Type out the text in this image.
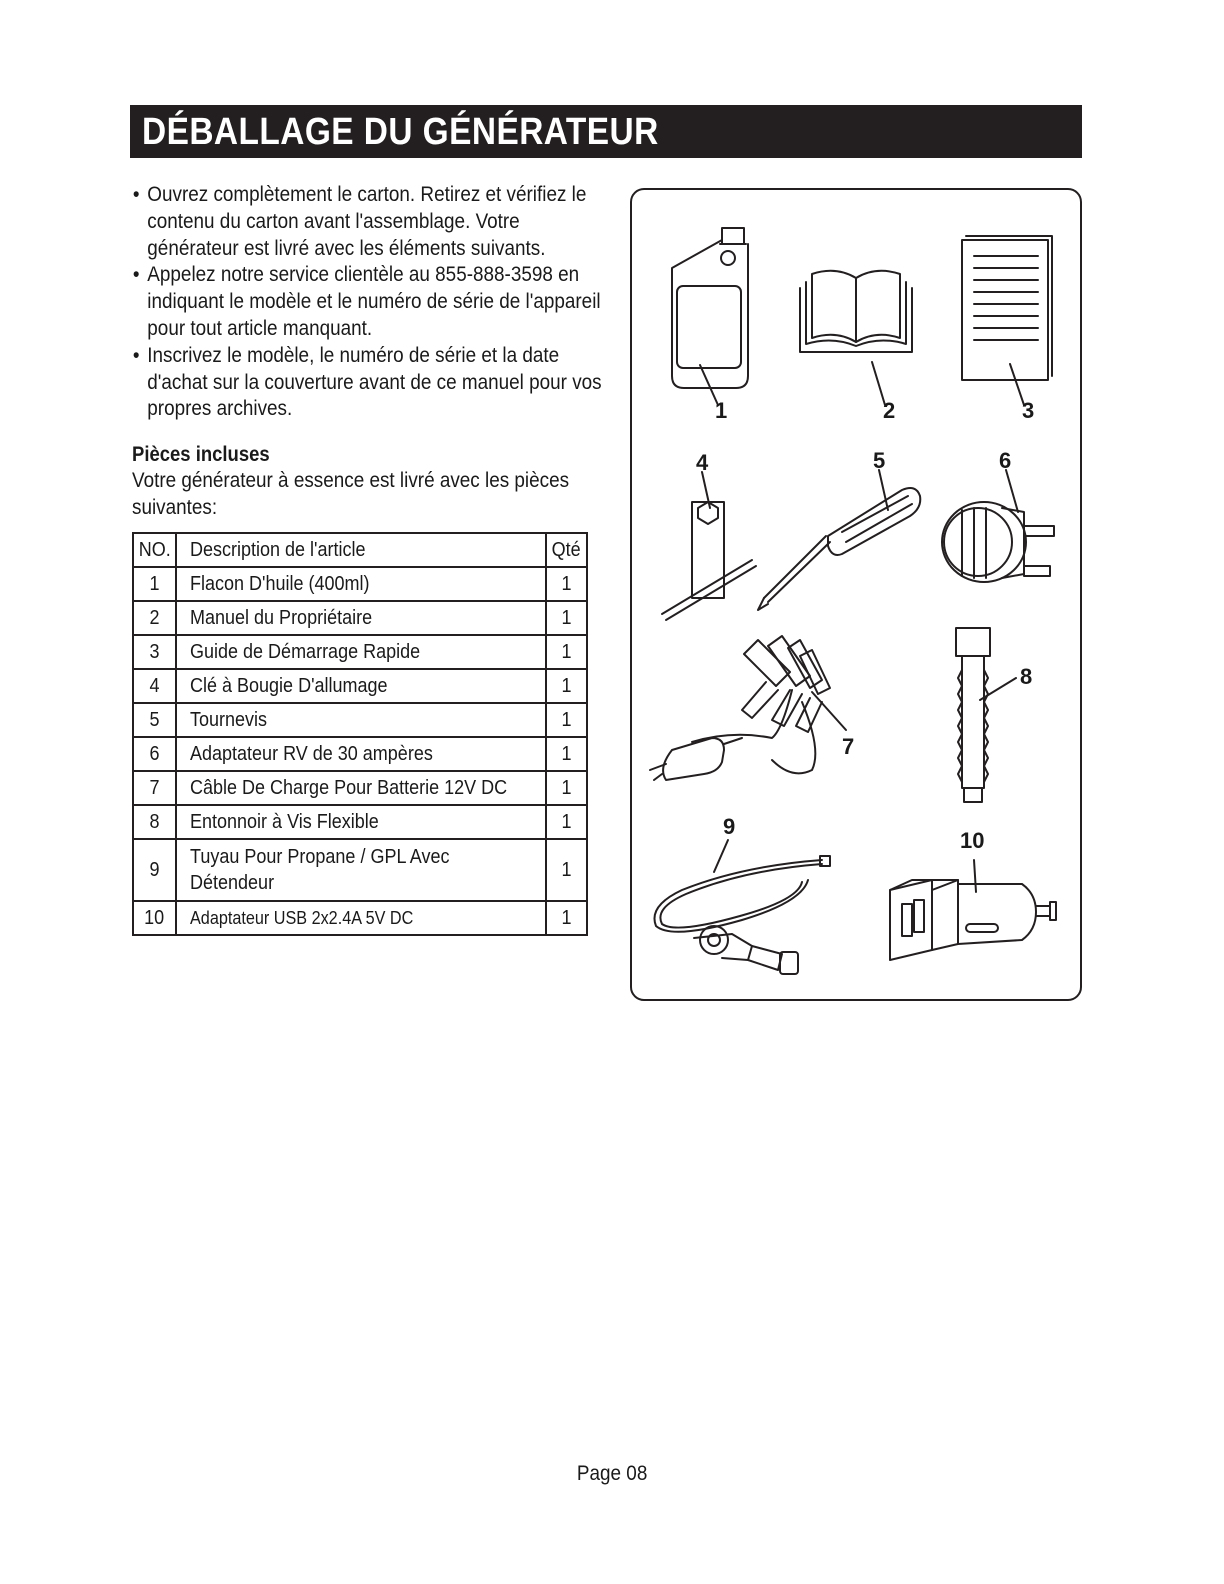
DÉBALLAGE DU GÉNÉRATEUR
• Ouvrez complètement le carton. Retirez et vérifiez le contenu du carton avant l'assemblage. Votre générateur est livré avec les éléments suivants.
• Appelez notre service clientèle au 855-888-3598 en indiquant le modèle et le numéro de série de l'appareil pour tout article manquant.
• Inscrivez le modèle, le numéro de série et la date d'achat sur la couverture avant de ce manuel pour vos propres archives.
Pièces incluses
Votre générateur à essence est livré avec les pièces suivantes:
NO.	Description de l'article	Qté
1	Flacon D'huile (400ml)	1
2	Manuel du Propriétaire	1
3	Guide de Démarrage Rapide	1
4	Clé à Bougie D'allumage	1
5	Tournevis	1
6	Adaptateur RV de 30 ampères	1
7	Câble De Charge Pour Batterie 12V DC	1
8	Entonnoir à Vis Flexible	1
9	Tuyau Pour Propane / GPL Avec Détendeur	1
10	Adaptateur USB 2x2.4A 5V DC	1
1	2	3
4	5	6
7
8
9
10
Page 08
